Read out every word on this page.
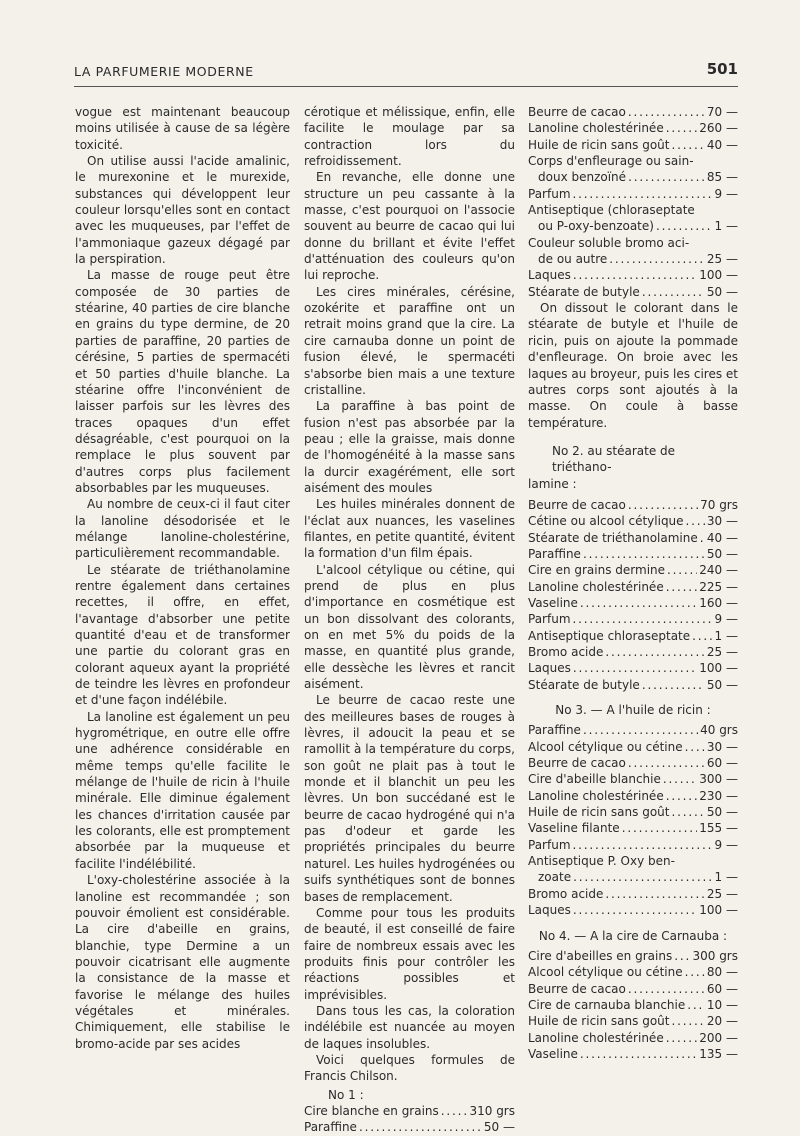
LA PARFUMERIE MODERNE	501

vogue est maintenant beaucoup moins utilisée à cause de sa légère toxicité.

On utilise aussi l'acide amalinic, le murexonine et le murexide, substances qui développent leur couleur lorsqu'elles sont en contact avec les muqueuses, par l'effet de l'ammoniaque gazeux dégagé par la perspiration.

La masse de rouge peut être composée de 30 parties de stéarine, 40 parties de cire blanche en grains du type dermine, de 20 parties de paraffine, 20 parties de cérésine, 5 parties de spermacéti et 50 parties d'huile blanche. La stéarine offre l'inconvénient de laisser parfois sur les lèvres des traces opaques d'un effet désagréable, c'est pourquoi on la remplace le plus souvent par d'autres corps plus facilement absorbables par les muqueuses.

Au nombre de ceux-ci il faut citer la lanoline désodorisée et le mélange lanoline-cholestérine, particulièrement recommandable.

Le stéarate de triéthanolamine rentre également dans certaines recettes, il offre, en effet, l'avantage d'absorber une petite quantité d'eau et de transformer une partie du colorant gras en colorant aqueux ayant la propriété de teindre les lèvres en profondeur et d'une façon indélébile.

La lanoline est également un peu hygrométrique, en outre elle offre une adhérence considérable en même temps qu'elle facilite le mélange de l'huile de ricin à l'huile minérale. Elle diminue également les chances d'irritation causée par les colorants, elle est promptement absorbée par la muqueuse et facilite l'indélébilité.

L'oxy-cholestérine associée à la lanoline est recommandée ; son pouvoir émolient est considérable. La cire d'abeille en grains, blanchie, type Dermine a un pouvoir cicatrisant elle augmente la consistance de la masse et favorise le mélange des huiles végétales et minérales. Chimiquement, elle stabilise le bromo-acide par ses acides

cérotique et mélissique, enfin, elle facilite le moulage par sa contraction lors du refroidissement.

En revanche, elle donne une structure un peu cassante à la masse, c'est pourquoi on l'associe souvent au beurre de cacao qui lui donne du brillant et évite l'effet d'atténuation des couleurs qu'on lui reproche.

Les cires minérales, cérésine, ozokérite et paraffine ont un retrait moins grand que la cire. La cire carnauba donne un point de fusion élevé, le spermacéti s'absorbe bien mais a une texture cristalline.

La paraffine à bas point de fusion n'est pas absorbée par la peau ; elle la graisse, mais donne de l'homogénéité à la masse sans la durcir exagérément, elle sort aisément des moules

Les huiles minérales donnent de l'éclat aux nuances, les vaselines filantes, en petite quantité, évitent la formation d'un film épais.

L'alcool cétylique ou cétine, qui prend de plus en plus d'importance en cosmétique est un bon dissolvant des colorants, on en met 5% du poids de la masse, en quantité plus grande, elle dessèche les lèvres et rancit aisément.

Le beurre de cacao reste une des meilleures bases de rouges à lèvres, il adoucit la peau et se ramollit à la température du corps, son goût ne plait pas à tout le monde et il blanchit un peu les lèvres. Un bon succédané est le beurre de cacao hydrogéné qui n'a pas d'odeur et garde les propriétés principales du beurre naturel. Les huiles hydrogénées ou suifs synthétiques sont de bonnes bases de remplacement.

Comme pour tous les produits de beauté, il est conseillé de faire faire de nombreux essais avec les produits finis pour contrôler les réactions possibles et imprévisibles.

Dans tous les cas, la coloration indélébile est nuancée au moyen de laques insolubles.

Voici quelques formules de Francis Chilson.

No 1 :
Cire blanche en grains . . .	310 grs
Paraffine . . .	50 —
Beurre de cacao . . .	70 —
Lanoline cholestérinée . . .	260 —
Huile de ricin sans goût . . .	40 —
Corps d'enfleurage ou sain-
doux benzoïné . . .	85 —
Parfum . . .	9 —
Antiseptique (chloraseptate
ou P-oxy-benzoate) . . .	1 —
Couleur soluble bromo aci-
de ou autre . . .	25 —
Laques . . .	100 —
Stéarate de butyle . . .	50 —

On dissout le colorant dans le stéarate de butyle et l'huile de ricin, puis on ajoute la pommade d'enfleurage. On broie avec les laques au broyeur, puis les cires et autres corps sont ajoutés à la masse. On coule à basse température.

No 2. au stéarate de triéthano-
lamine :
Beurre de cacao . . .	70 grs
Cétine ou alcool cétylique . . . 30 —
Stéarate de triéthanolamine . . . 40 —
Paraffine . . .	50 —
Cire en grains dermine . . .	240 —
Lanoline cholestérinée . . .	225 —
Vaseline . . .	160 —
Parfum . . .	9 —
Antiseptique chloraseptate . . . 1 —
Bromo acide . . .	25 —
Laques . . .	100 —
Stéarate de butyle . . .	50 —
No 3. — A l'huile de ricin :
Paraffine . . .	40 grs
Alcool cétylique ou cétine . . . 30 —
Beurre de cacao . . .	60 —
Cire d'abeille blanchie . . .	300 —
Lanoline cholestérinée . . .	230 —
Huile de ricin sans goût . . .	50 —
Vaseline filante . . .	155 —
Parfum . . .	9 —
Antiseptique P. Oxy ben-
zoate . . .	1 —
Bromo acide . . .	25 —
Laques . . .	100 —
No 4. — A la cire de Carnauba :
Cire d'abeilles en grains . . . 300 grs
Alcool cétylique ou cétine . . . 80 —
Beurre de cacao . . .	60 —
Cire de carnauba blanchie . . . 10 —
Huile de ricin sans goût . . .	20 —
Lanoline cholestérinée . . .	200 —
Vaseline . . .	135 —
